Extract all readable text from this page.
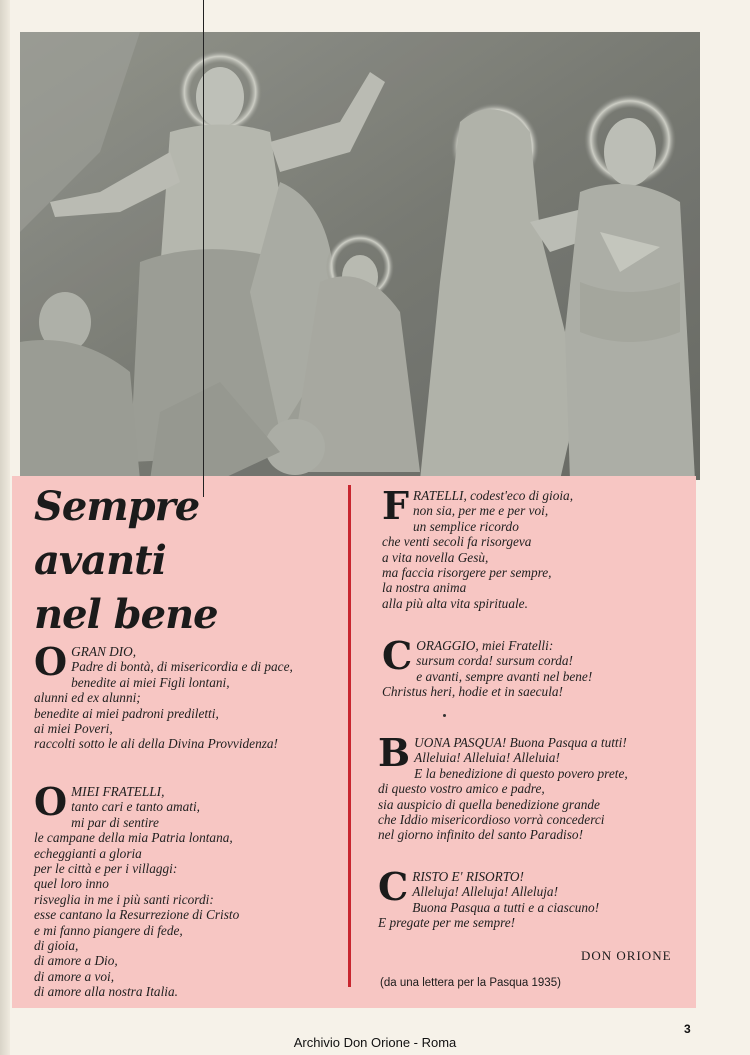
Sempre
avanti
nel bene
O GRAN DIO,
Padre di bontà, di misericordia e di pace,
benedite ai miei Figli lontani,
alunni ed ex alunni;
benedite ai miei padroni prediletti,
ai miei Poveri,
raccolti sotto le ali della Divina Provvidenza!
O MIEI FRATELLI,
tanto cari e tanto amati,
mi par di sentire
le campane della mia Patria lontana,
echeggianti a gloria
per le città e per i villaggi:
quel loro inno
risveglia in me i più santi ricordi:
esse cantano la Resurrezione di Cristo
e mi fanno piangere di fede,
di gioia,
di amore a Dio,
di amore a voi,
di amore alla nostra Italia.
F RATELLI, codest'eco di gioia,
non sia, per me e per voi,
un semplice ricordo
che venti secoli fa risorgeva
a vita novella Gesù,
ma faccia risorgere per sempre,
la nostra anima
alla più alta vita spirituale.
C ORAGGIO, miei Fratelli:
sursum corda! sursum corda!
e avanti, sempre avanti nel bene!
Christus heri, hodie et in saecula!
B UONA PASQUA! Buona Pasqua a tutti!
Alleluia! Alleluia! Alleluia!
E la benedizione di questo povero prete,
di questo vostro amico e padre,
sia auspicio di quella benedizione grande
che Iddio misericordioso vorrà concederci
nel giorno infinito del santo Paradiso!
C RISTO E' RISORTO!
Alleluja! Alleluja! Alleluja!
Buona Pasqua a tutti e a ciascuno!
E pregate per me sempre!
DON ORIONE
(da una lettera per la Pasqua 1935)
3
Archivio Don Orione - Roma
